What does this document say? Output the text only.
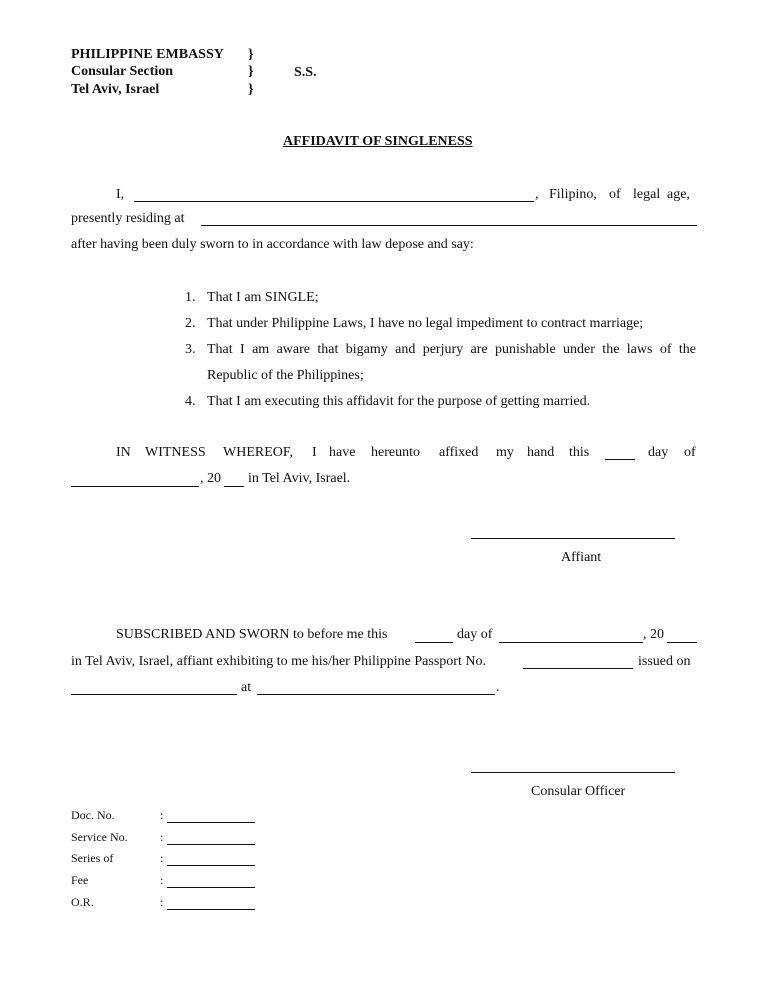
PHILIPPINE EMBASSY
Consular Section
Tel Aviv, Israel
}
}
}
S.S.
AFFIDAVIT OF SINGLENESS
I,	, Filipino, of legal age,
presently residing at
after having been duly sworn to in accordance with law depose and say:
1. That I am SINGLE;
2. That under Philippine Laws, I have no legal impediment to contract marriage;
3. That I am aware that bigamy and perjury are punishable under the laws of the
Republic of the Philippines;
4. That I am executing this affidavit for the purpose of getting married.
IN WITNESS WHEREOF, I have hereunto affixed my hand this	day of
, 20 in Tel Aviv, Israel.
Affiant
SUBSCRIBED AND SWORN to before me this	day of	, 20
in Tel Aviv, Israel, affiant exhibiting to me his/her Philippine Passport No.	issued on
at	.
Consular Officer
Doc. No.	:
Service No.	:
Series of	:
Fee	:
O.R.	:
